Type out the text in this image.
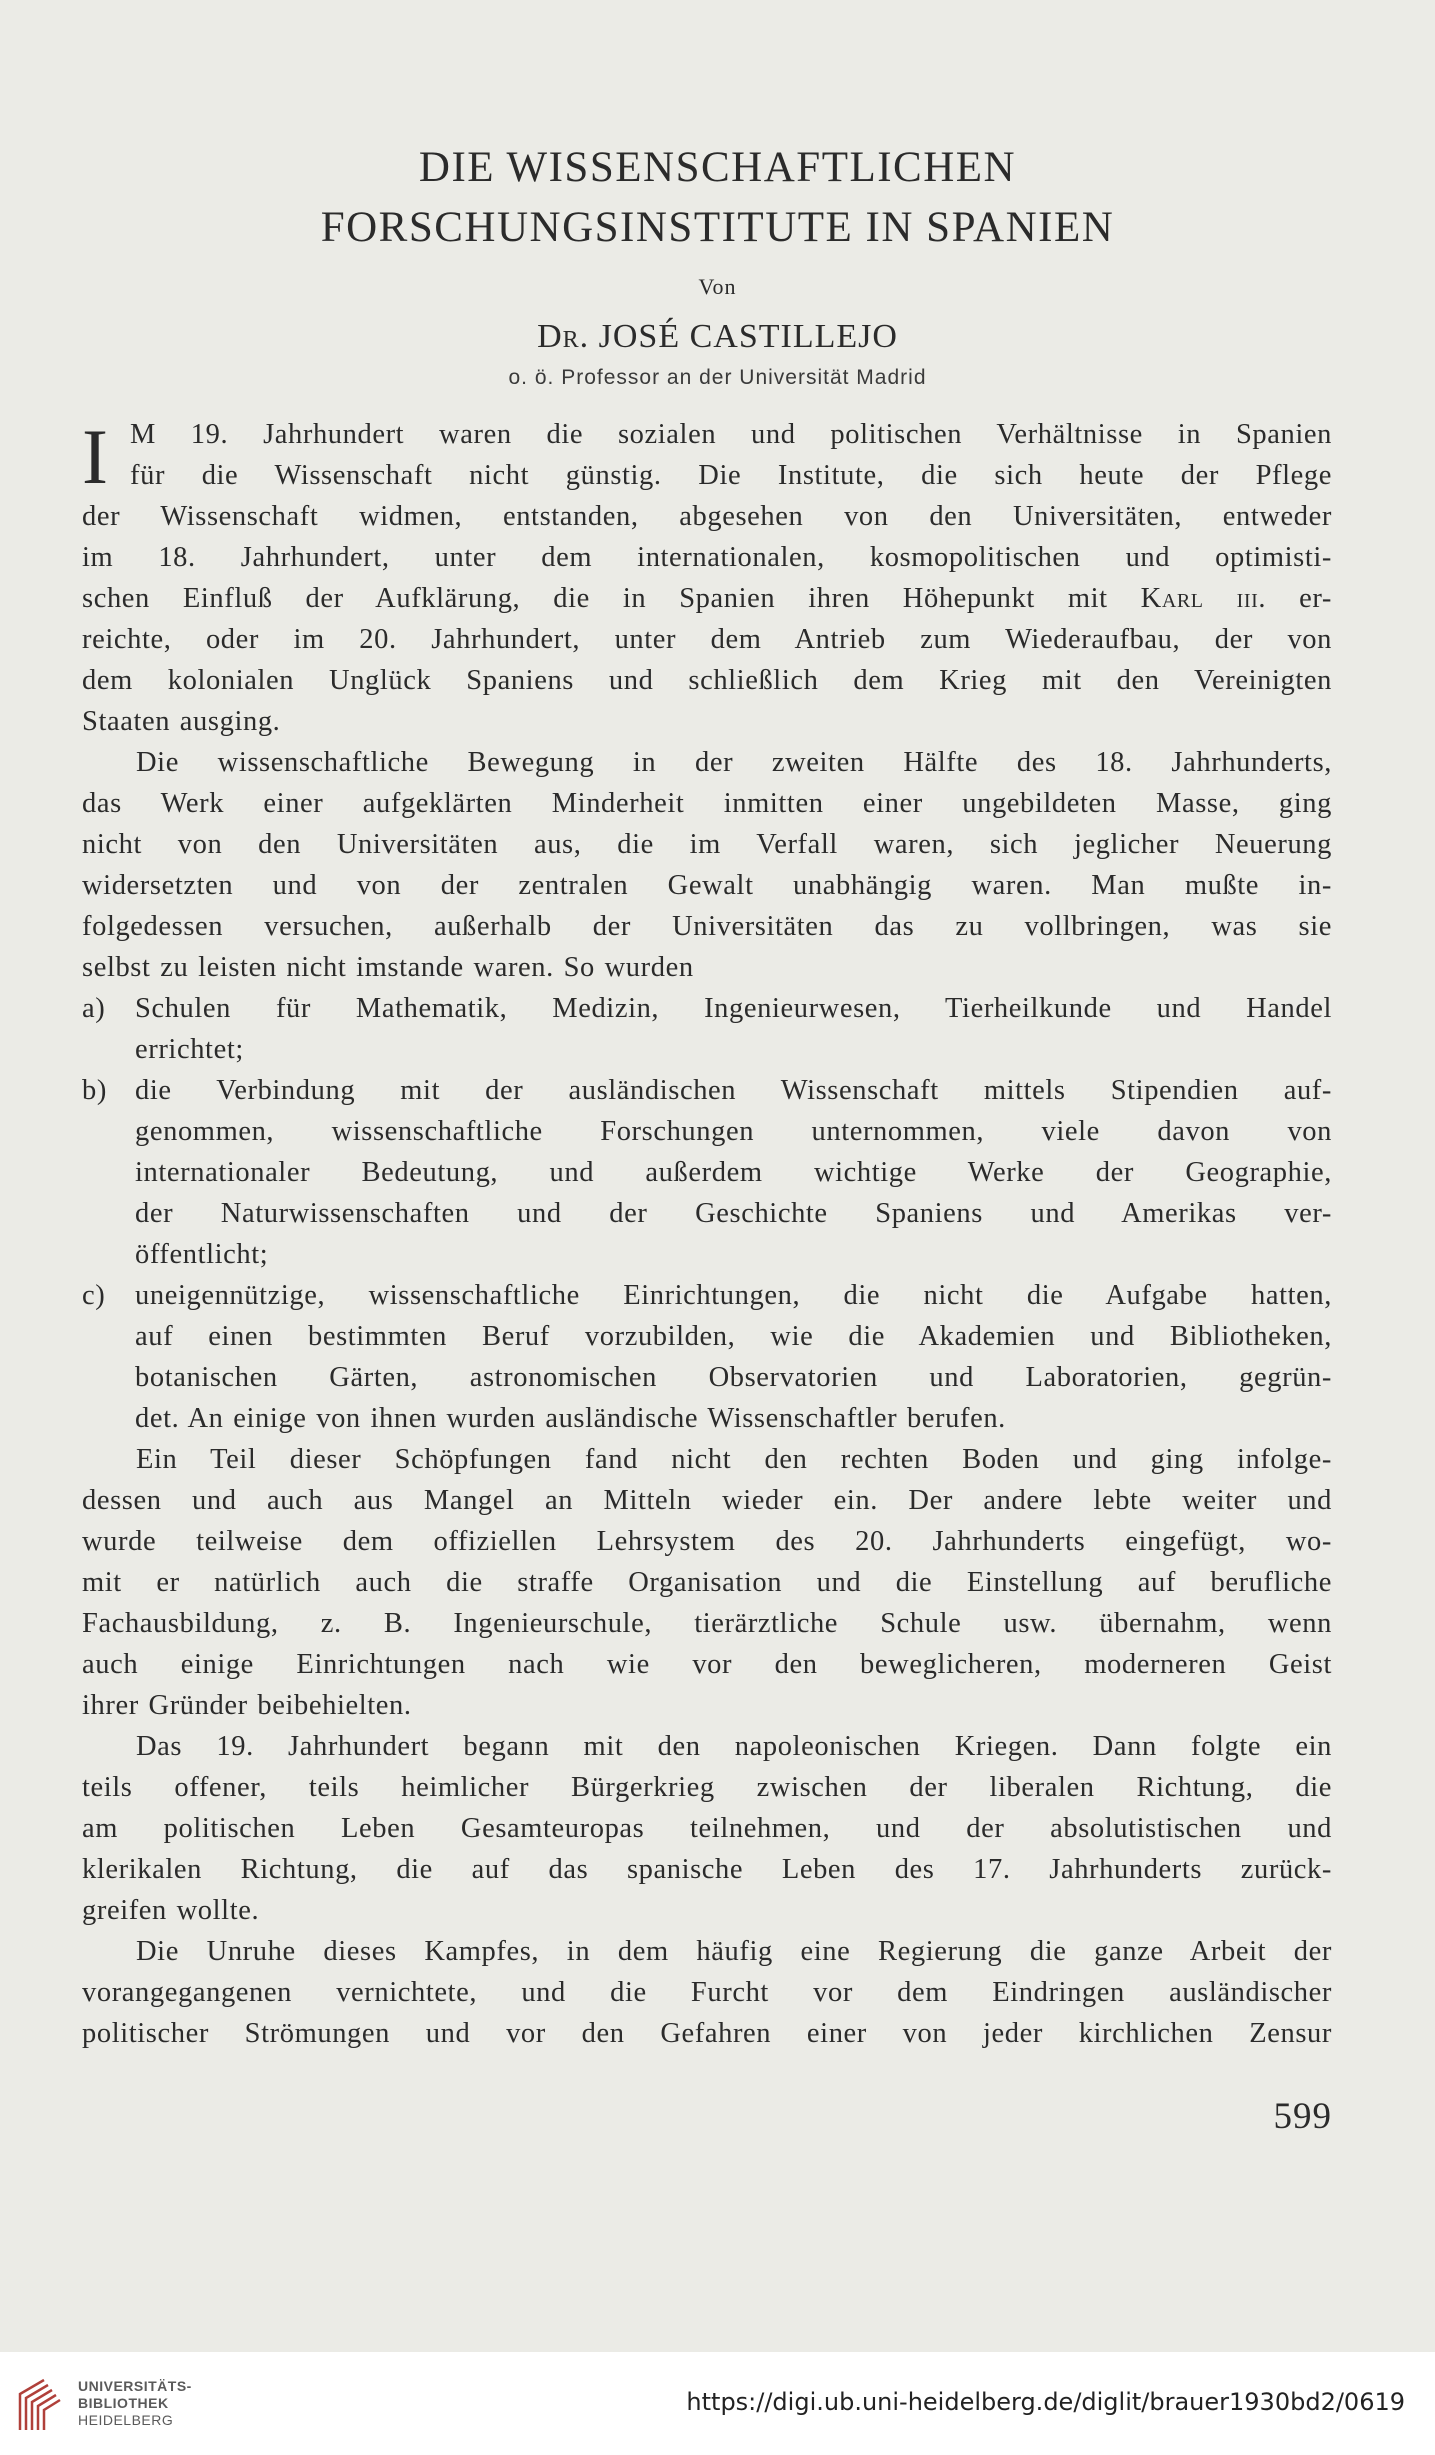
DIE WISSENSCHAFTLICHEN
FORSCHUNGSINSTITUTE IN SPANIEN
Von
Dr. JOSÉ CASTILLEJO
o. ö. Professor an der Universität Madrid
I M 19. Jahrhundert waren die sozialen und politischen Verhältnisse in Spanien
für die Wissenschaft nicht günstig. Die Institute, die sich heute der Pflege
der Wissenschaft widmen, entstanden, abgesehen von den Universitäten, entweder
im 18. Jahrhundert, unter dem internationalen, kosmopolitischen und optimisti-
schen Einfluß der Aufklärung, die in Spanien ihren Höhepunkt mit Karl iii. er-
reichte, oder im 20. Jahrhundert, unter dem Antrieb zum Wiederaufbau, der von
dem kolonialen Unglück Spaniens und schließlich dem Krieg mit den Vereinigten
Staaten ausging.
Die wissenschaftliche Bewegung in der zweiten Hälfte des 18. Jahrhunderts,
das Werk einer aufgeklärten Minderheit inmitten einer ungebildeten Masse, ging
nicht von den Universitäten aus, die im Verfall waren, sich jeglicher Neuerung
widersetzten und von der zentralen Gewalt unabhängig waren. Man mußte in-
folgedessen versuchen, außerhalb der Universitäten das zu vollbringen, was sie
selbst zu leisten nicht imstande waren. So wurden
a)	Schulen für Mathematik, Medizin, Ingenieurwesen, Tierheilkunde und Handel
errichtet;
b) die Verbindung mit der ausländischen Wissenschaft mittels Stipendien auf-
genommen, wissenschaftliche Forschungen unternommen, viele davon von
internationaler Bedeutung, und außerdem wichtige Werke der Geographie,
der Naturwissenschaften und der Geschichte Spaniens und Amerikas ver-
öffentlicht;
c)	uneigennützige, wissenschaftliche Einrichtungen, die nicht die Aufgabe hatten,
auf einen bestimmten Beruf vorzubilden, wie die Akademien und Bibliotheken,
botanischen Gärten, astronomischen Observatorien und Laboratorien, gegrün-
det. An einige von ihnen wurden ausländische Wissenschaftler berufen.
Ein Teil dieser Schöpfungen fand nicht den rechten Boden und ging infolge-
dessen und auch aus Mangel an Mitteln wieder ein. Der andere lebte weiter und
wurde teilweise dem offiziellen Lehrsystem des 20. Jahrhunderts eingefügt, wo-
mit er natürlich auch die straffe Organisation und die Einstellung auf berufliche
Fachausbildung, z. B. Ingenieurschule, tierärztliche Schule usw. übernahm, wenn
auch einige Einrichtungen nach wie vor den beweglicheren, moderneren Geist
ihrer Gründer beibehielten.
Das 19. Jahrhundert begann mit den napoleonischen Kriegen. Dann folgte ein
teils offener, teils heimlicher Bürgerkrieg zwischen der liberalen Richtung, die
am politischen Leben Gesamteuropas teilnehmen, und der absolutistischen und
klerikalen Richtung, die auf das spanische Leben des 17. Jahrhunderts zurück-
greifen wollte.
Die Unruhe dieses Kampfes, in dem häufig eine Regierung die ganze Arbeit der
vorangegangenen vernichtete, und die Furcht vor dem Eindringen ausländischer
politischer Strömungen und vor den Gefahren einer von jeder kirchlichen Zensur
599
UNIVERSITÄTS-
BIBLIOTHEK
HEIDELBERG
https://digi.ub.uni-heidelberg.de/diglit/brauer1930bd2/0619
